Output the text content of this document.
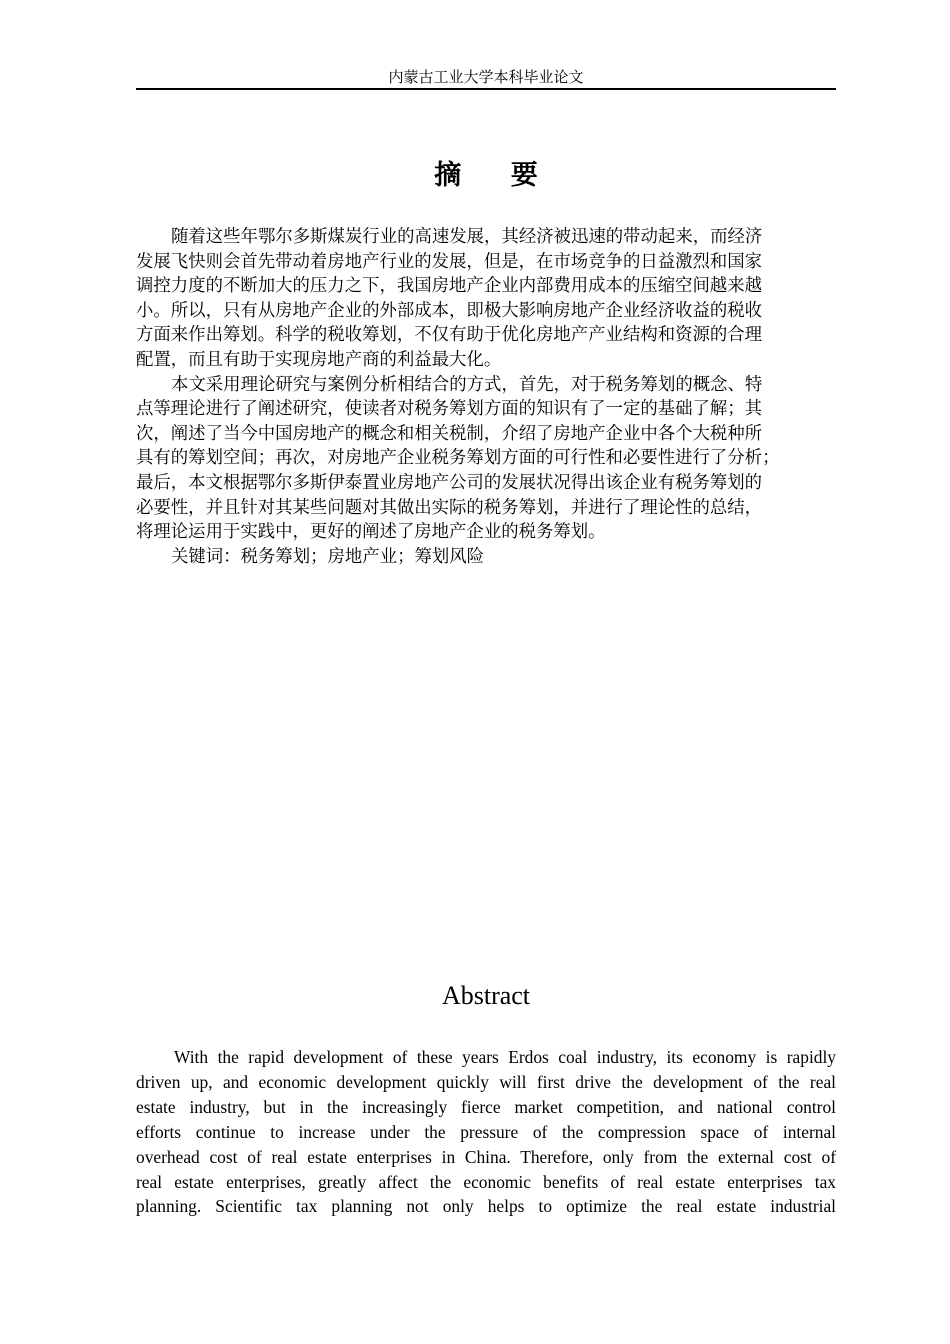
内蒙古工业大学本科毕业论文
摘 要

随着这些年鄂尔多斯煤炭行业的高速发展，其经济被迅速的带动起来，而经济
发展飞快则会首先带动着房地产行业的发展，但是，在市场竞争的日益激烈和国家
调控力度的不断加大的压力之下，我国房地产企业内部费用成本的压缩空间越来越
小。所以，只有从房地产企业的外部成本，即极大影响房地产企业经济收益的税收
方面来作出筹划。科学的税收筹划，不仅有助于优化房地产产业结构和资源的合理
配置，而且有助于实现房地产商的利益最大化。

本文采用理论研究与案例分析相结合的方式，首先，对于税务筹划的概念、特
点等理论进行了阐述研究，使读者对税务筹划方面的知识有了一定的基础了解；其
次，阐述了当今中国房地产的概念和相关税制，介绍了房地产企业中各个大税种所
具有的筹划空间；再次，对房地产企业税务筹划方面的可行性和必要性进行了分析；
最后，本文根据鄂尔多斯伊泰置业房地产公司的发展状况得出该企业有税务筹划的
必要性，并且针对其某些问题对其做出实际的税务筹划，并进行了理论性的总结，
将理论运用于实践中，更好的阐述了房地产企业的税务筹划。

关键词：税务筹划；房地产业；筹划风险

Abstract

With the rapid development of these years Erdos coal industry, its economy is rapidly
driven up, and economic development quickly will first drive the development of the real
estate industry, but in the increasingly fierce market competition, and national control
efforts continue to increase under the pressure of the compression space of internal
overhead cost of real estate enterprises in China. Therefore, only from the external cost of
real estate enterprises, greatly affect the economic benefits of real estate enterprises tax
planning. Scientific tax planning not only helps to optimize the real estate industrial
